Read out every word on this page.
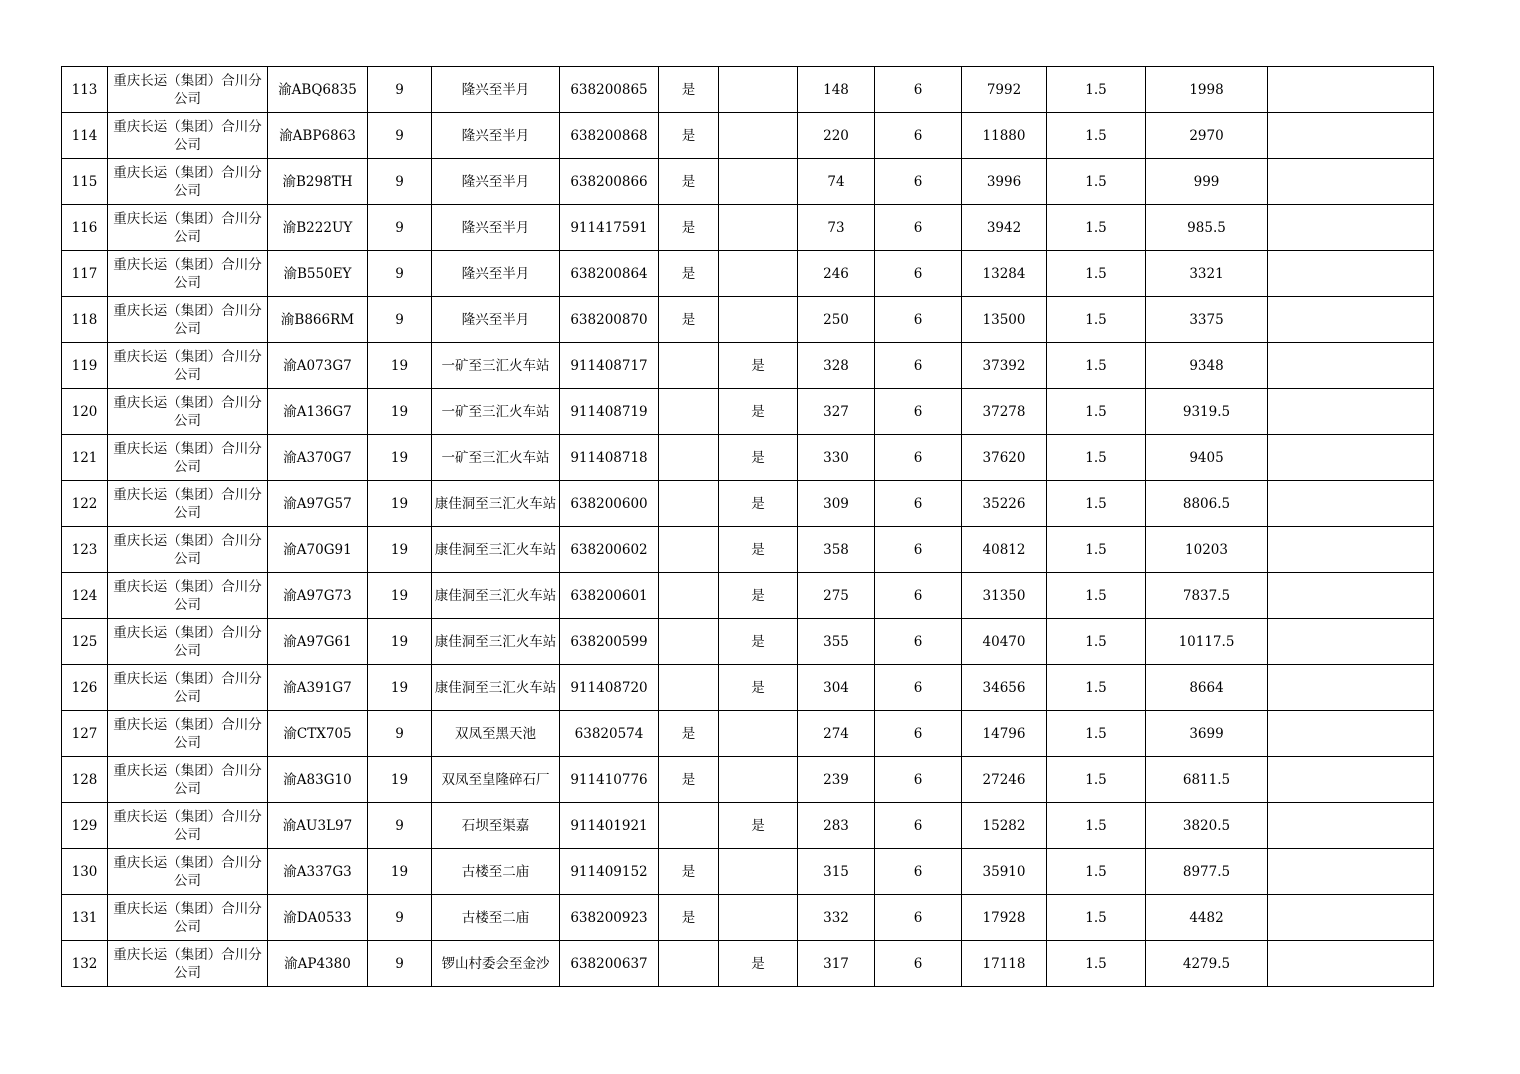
113	重庆长运（集团）合川分公司	渝ABQ6835	9	隆兴至半月	638200865	是		148	6	7992	1.5	1998	
114	重庆长运（集团）合川分公司	渝ABP6863	9	隆兴至半月	638200868	是		220	6	11880	1.5	2970	
115	重庆长运（集团）合川分公司	渝B298TH	9	隆兴至半月	638200866	是		74	6	3996	1.5	999	
116	重庆长运（集团）合川分公司	渝B222UY	9	隆兴至半月	911417591	是		73	6	3942	1.5	985.5	
117	重庆长运（集团）合川分公司	渝B550EY	9	隆兴至半月	638200864	是		246	6	13284	1.5	3321	
118	重庆长运（集团）合川分公司	渝B866RM	9	隆兴至半月	638200870	是		250	6	13500	1.5	3375	
119	重庆长运（集团）合川分公司	渝A073G7	19	一矿至三汇火车站	911408717		是	328	6	37392	1.5	9348	
120	重庆长运（集团）合川分公司	渝A136G7	19	一矿至三汇火车站	911408719		是	327	6	37278	1.5	9319.5	
121	重庆长运（集团）合川分公司	渝A370G7	19	一矿至三汇火车站	911408718		是	330	6	37620	1.5	9405	
122	重庆长运（集团）合川分公司	渝A97G57	19	康佳洞至三汇火车站	638200600		是	309	6	35226	1.5	8806.5	
123	重庆长运（集团）合川分公司	渝A70G91	19	康佳洞至三汇火车站	638200602		是	358	6	40812	1.5	10203	
124	重庆长运（集团）合川分公司	渝A97G73	19	康佳洞至三汇火车站	638200601		是	275	6	31350	1.5	7837.5	
125	重庆长运（集团）合川分公司	渝A97G61	19	康佳洞至三汇火车站	638200599		是	355	6	40470	1.5	10117.5	
126	重庆长运（集团）合川分公司	渝A391G7	19	康佳洞至三汇火车站	911408720		是	304	6	34656	1.5	8664	
127	重庆长运（集团）合川分公司	渝CTX705	9	双凤至黑天池	63820574	是		274	6	14796	1.5	3699	
128	重庆长运（集团）合川分公司	渝A83G10	19	双凤至皇隆碎石厂	911410776	是		239	6	27246	1.5	6811.5	
129	重庆长运（集团）合川分公司	渝AU3L97	9	石坝至渠嘉	911401921		是	283	6	15282	1.5	3820.5	
130	重庆长运（集团）合川分公司	渝A337G3	19	古楼至二庙	911409152	是		315	6	35910	1.5	8977.5	
131	重庆长运（集团）合川分公司	渝DA0533	9	古楼至二庙	638200923	是		332	6	17928	1.5	4482	
132	重庆长运（集团）合川分公司	渝AP4380	9	锣山村委会至金沙	638200637		是	317	6	17118	1.5	4279.5	
